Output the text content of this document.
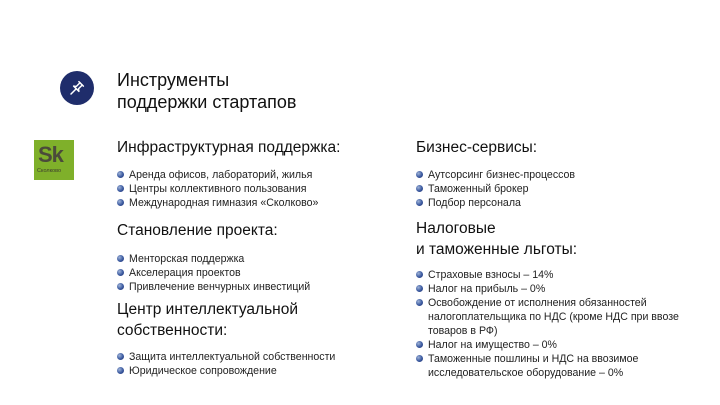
Инструменты
поддержки стартапов
Sk
Сколково
Инфраструктурная поддержка:
Аренда офисов, лабораторий, жилья
Центры коллективного пользования
Международная гимназия «Сколково»
Бизнес-сервисы:
Аутсорсинг бизнес-процессов
Таможенный брокер
Подбор персонала
Становление проекта:
Менторская поддержка
Акселерация проектов
Привлечение венчурных инвестиций
Центр интеллектуальной
собственности:
Защита интеллектуальной собственности
Юридическое сопровождение
Налоговые
и таможенные льготы:
Страховые взносы – 14%
Налог на прибыль – 0%
Освобождение от исполнения обязанностей налогоплательщика по НДС (кроме НДС при ввозе товаров в РФ)
Налог на имущество – 0%
Таможенные пошлины и НДС на ввозимое исследовательское оборудование – 0%
